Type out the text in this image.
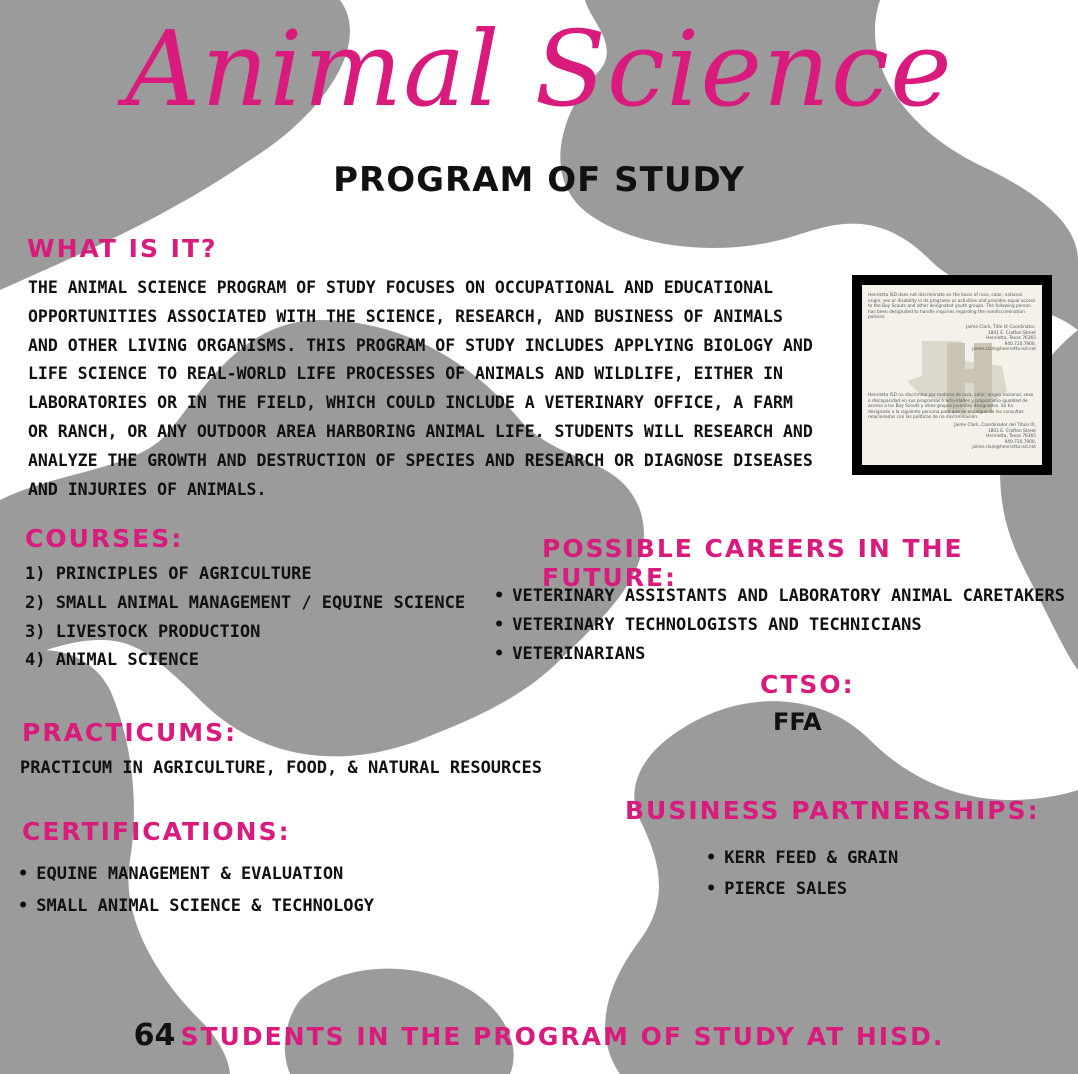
Animal Science
PROGRAM OF STUDY
WHAT IS IT?
THE ANIMAL SCIENCE PROGRAM OF STUDY FOCUSES ON OCCUPATIONAL AND EDUCATIONAL OPPORTUNITIES ASSOCIATED WITH THE SCIENCE, RESEARCH, AND BUSINESS OF ANIMALS AND OTHER LIVING ORGANISMS. THIS PROGRAM OF STUDY INCLUDES APPLYING BIOLOGY AND LIFE SCIENCE TO REAL-WORLD LIFE PROCESSES OF ANIMALS AND WILDLIFE, EITHER IN LABORATORIES OR IN THE FIELD, WHICH COULD INCLUDE A VETERINARY OFFICE, A FARM OR RANCH, OR ANY OUTDOOR AREA HARBORING ANIMAL LIFE. STUDENTS WILL RESEARCH AND ANALYZE THE GROWTH AND DESTRUCTION OF SPECIES AND RESEARCH OR DIAGNOSE DISEASES AND INJURIES OF ANIMALS.
Henrietta ISD does not discriminate on the basis of race, color, national origin, sex or disability in its programs or activities and provides equal access to the Boy Scouts and other designated youth groups. The following person has been designated to handle inquiries regarding the nondiscrimination policies:
Jaime Clark, Title IX Coordinator,
1801 E. Crafton Street
Henrietta, Texas 76365
940.720.7900,
jaime.clark@henrietta-isd.net
Henrietta ISD no discrimina por motivos de raza, color, origen nacional, sexo o discapacidad en sus programas o actividades y proporciona igualdad de acceso a los Boy Scouts y otros grupos juveniles designados. Se ha designado a la siguiente persona para que se encargue de las consultas relacionadas con las políticas de no discriminación:
Jaime Clark, Coordinador del Título IX,
1801 E. Crafton Street
Henrietta, Texas 76365
940.720.7900,
jaime.clark@henrietta-isd.net
COURSES:
1) PRINCIPLES OF AGRICULTURE
2) SMALL ANIMAL MANAGEMENT / EQUINE SCIENCE
3) LIVESTOCK PRODUCTION
4) ANIMAL SCIENCE
POSSIBLE CAREERS IN THE FUTURE:
• VETERINARY ASSISTANTS AND LABORATORY ANIMAL CARETAKERS
• VETERINARY TECHNOLOGISTS AND TECHNICIANS
• VETERINARIANS
CTSO:
FFA
PRACTICUMS:
PRACTICUM IN AGRICULTURE, FOOD, & NATURAL RESOURCES
CERTIFICATIONS:
• EQUINE MANAGEMENT & EVALUATION
• SMALL ANIMAL SCIENCE & TECHNOLOGY
BUSINESS PARTNERSHIPS:
• KERR FEED & GRAIN
• PIERCE SALES
64 STUDENTS IN THE PROGRAM OF STUDY AT HISD.
